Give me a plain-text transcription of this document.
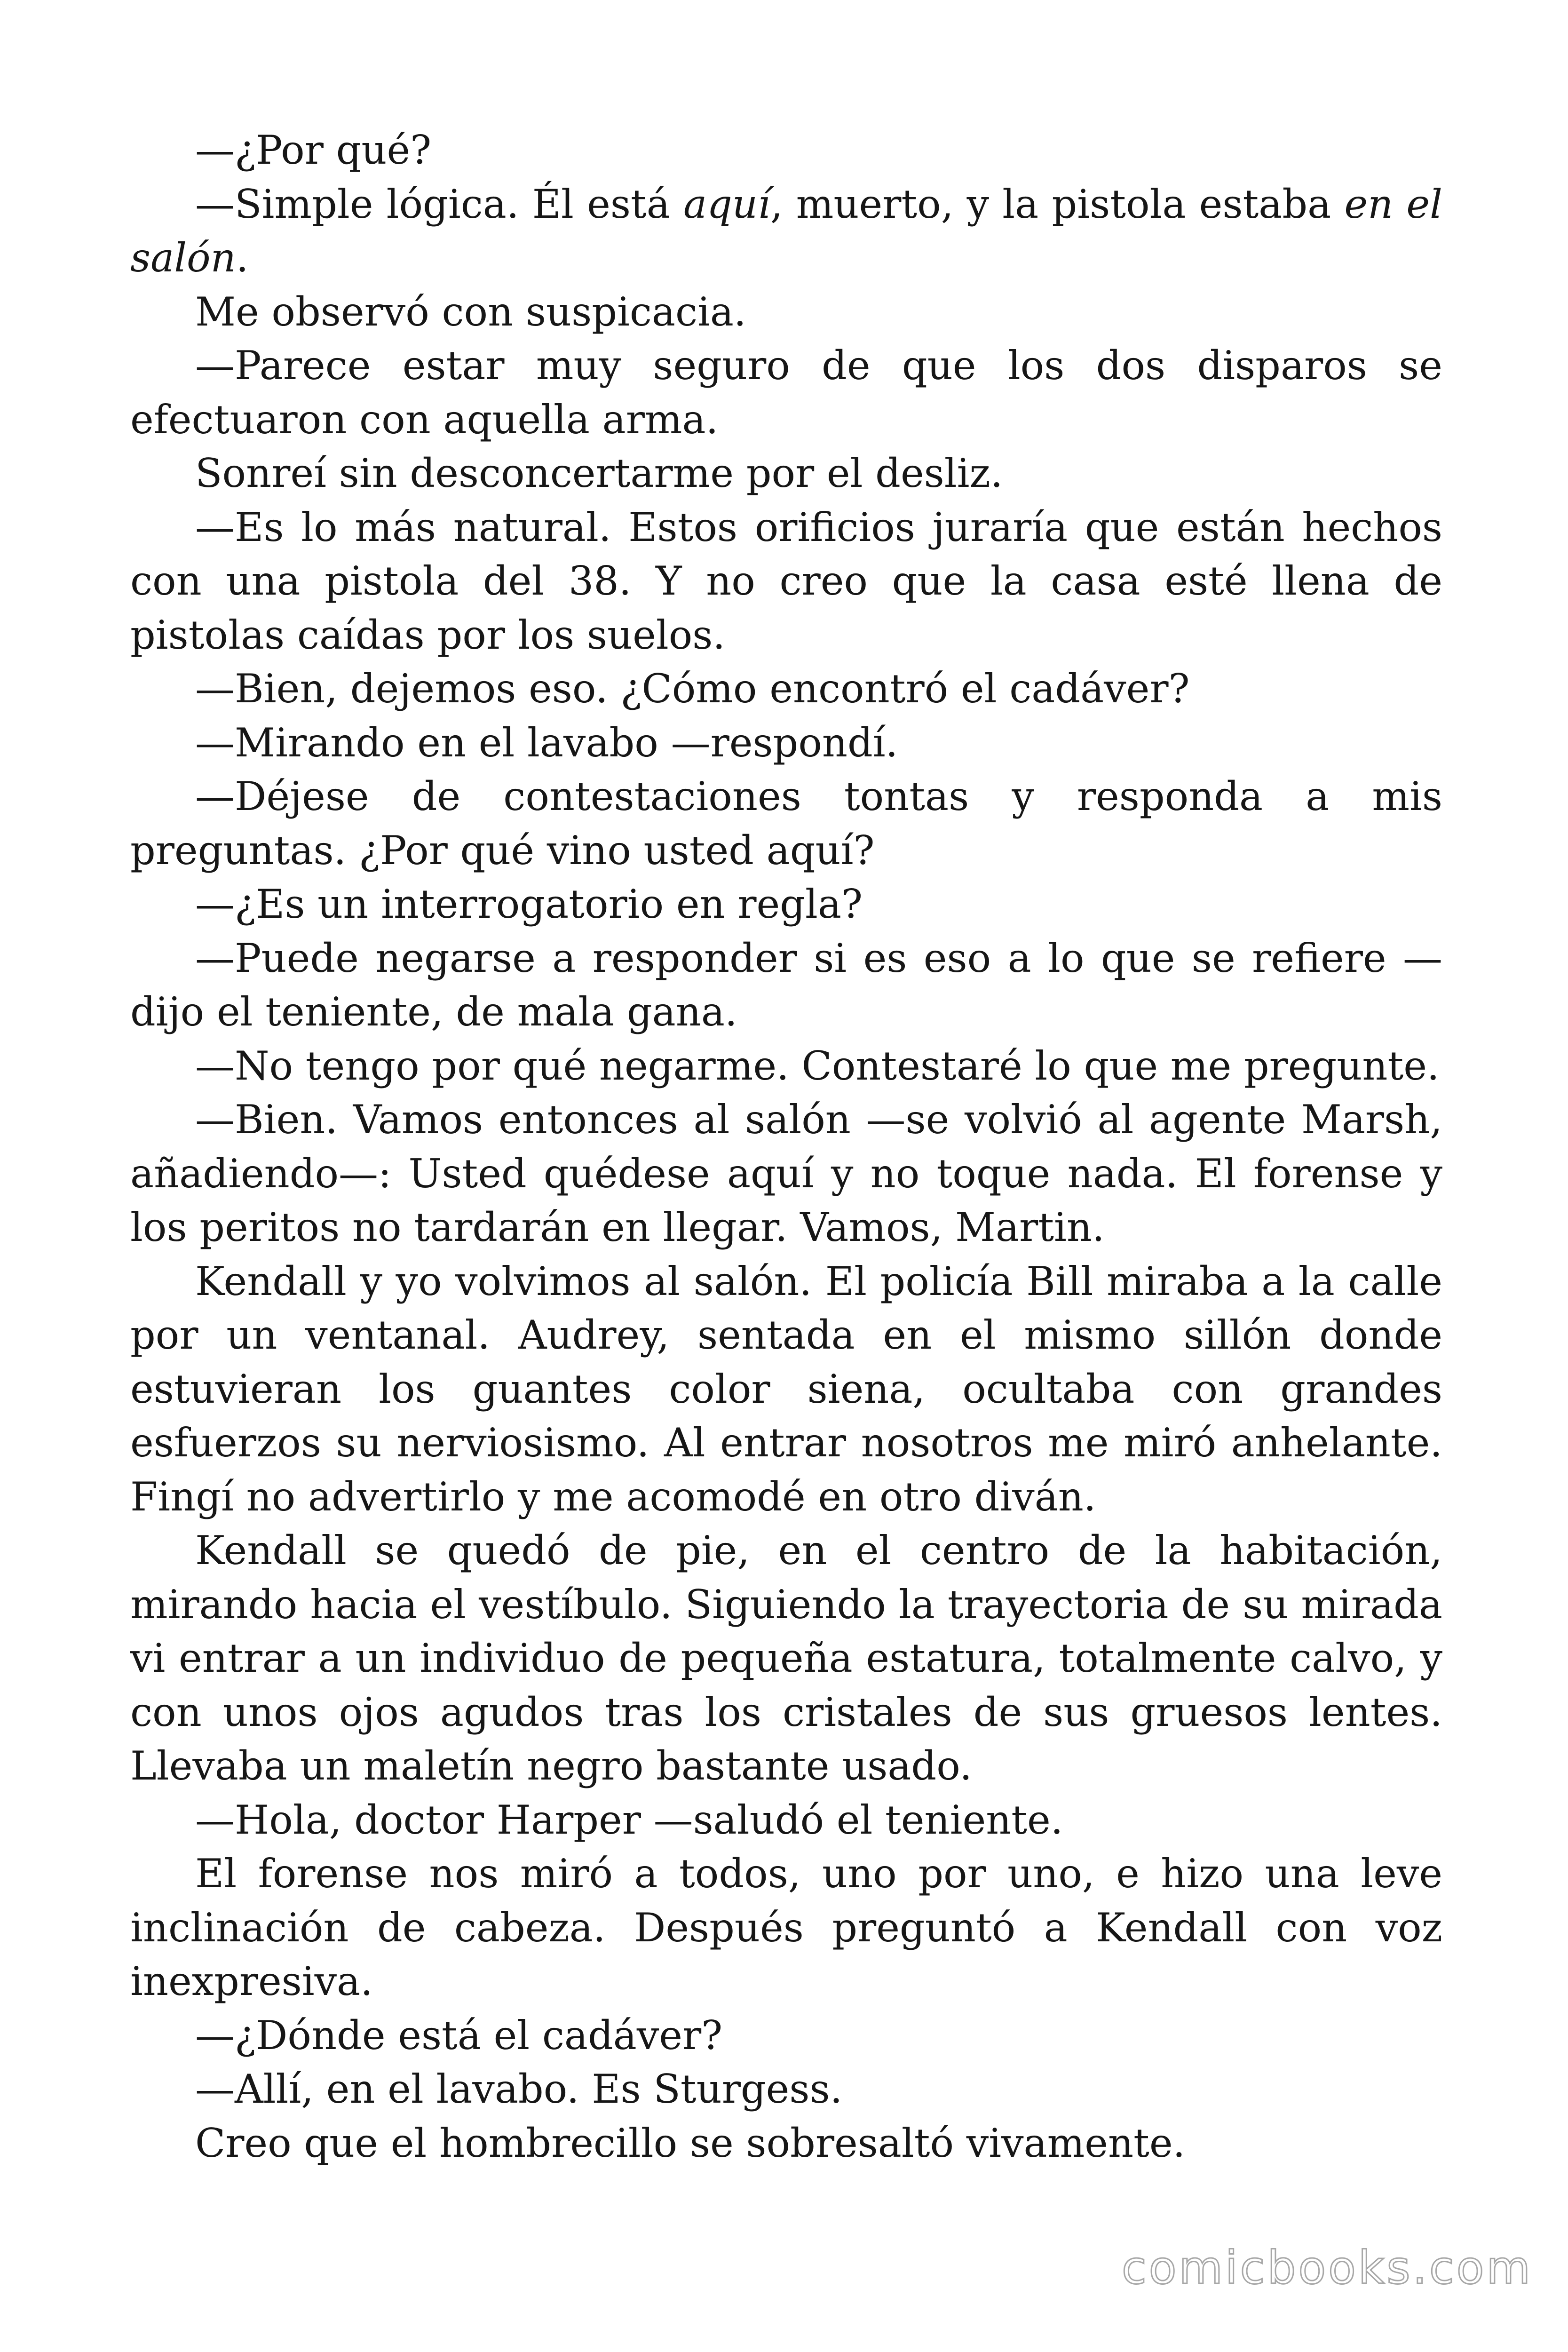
—¿Por qué?

—Simple lógica. Él está aquí, muerto, y la pistola estaba en el salón.

Me observó con suspicacia.

—Parece estar muy seguro de que los dos disparos se efectuaron con aquella arma.

Sonreí sin desconcertarme por el desliz.

—Es lo más natural. Estos orificios juraría que están hechos con una pistola del 38. Y no creo que la casa esté llena de pistolas caídas por los suelos.

—Bien, dejemos eso. ¿Cómo encontró el cadáver?

—Mirando en el lavabo —respondí.

—Déjese de contestaciones tontas y responda a mis preguntas. ¿Por qué vino usted aquí?

—¿Es un interrogatorio en regla?

—Puede negarse a responder si es eso a lo que se refiere —dijo el teniente, de mala gana.

—No tengo por qué negarme. Contestaré lo que me pregunte.

—Bien. Vamos entonces al salón —se volvió al agente Marsh, añadiendo—: Usted quédese aquí y no toque nada. El forense y los peritos no tardarán en llegar. Vamos, Martin.

Kendall y yo volvimos al salón. El policía Bill miraba a la calle por un ventanal. Audrey, sentada en el mismo sillón donde estuvieran los guantes color siena, ocultaba con grandes esfuerzos su nerviosismo. Al entrar nosotros me miró anhelante. Fingí no advertirlo y me acomodé en otro diván.

Kendall se quedó de pie, en el centro de la habitación, mirando hacia el vestíbulo. Siguiendo la trayectoria de su mirada vi entrar a un individuo de pequeña estatura, totalmente calvo, y con unos ojos agudos tras los cristales de sus gruesos lentes. Llevaba un maletín negro bastante usado.

—Hola, doctor Harper —saludó el teniente.

El forense nos miró a todos, uno por uno, e hizo una leve inclinación de cabeza. Después preguntó a Kendall con voz inexpresiva.

—¿Dónde está el cadáver?

—Allí, en el lavabo. Es Sturgess.

Creo que el hombrecillo se sobresaltó vivamente.

comicbooks.com
